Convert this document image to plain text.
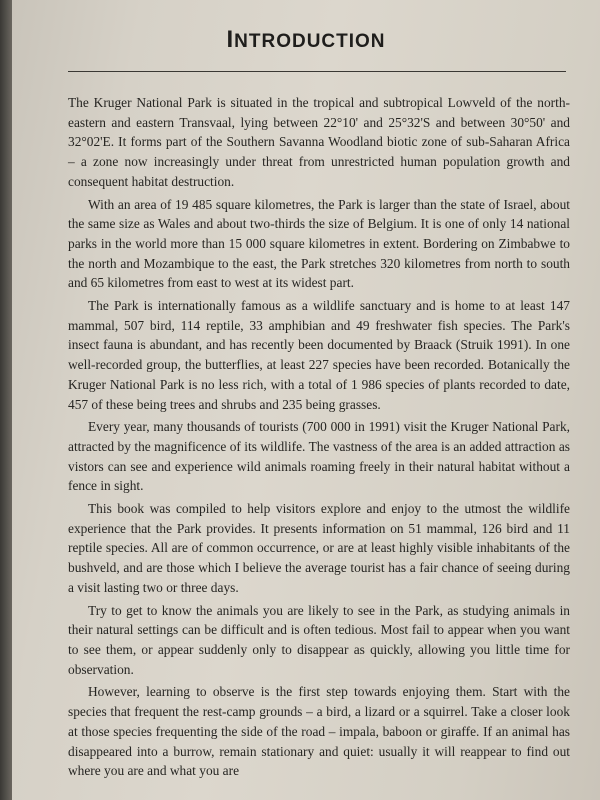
INTRODUCTION

The Kruger National Park is situated in the tropical and subtropical Lowveld of the north-eastern and eastern Transvaal, lying between 22°10' and 25°32'S and between 30°50' and 32°02'E. It forms part of the Southern Savanna Woodland biotic zone of sub-Saharan Africa – a zone now increasingly under threat from unrestricted human population growth and consequent habitat destruction.

With an area of 19 485 square kilometres, the Park is larger than the state of Israel, about the same size as Wales and about two-thirds the size of Belgium. It is one of only 14 national parks in the world more than 15 000 square kilometres in extent. Bordering on Zimbabwe to the north and Mozambique to the east, the Park stretches 320 kilometres from north to south and 65 kilometres from east to west at its widest part.

The Park is internationally famous as a wildlife sanctuary and is home to at least 147 mammal, 507 bird, 114 reptile, 33 amphibian and 49 freshwater fish species. The Park's insect fauna is abundant, and has recently been documented by Braack (Struik 1991). In one well-recorded group, the butterflies, at least 227 species have been recorded. Botanically the Kruger National Park is no less rich, with a total of 1 986 species of plants recorded to date, 457 of these being trees and shrubs and 235 being grasses.

Every year, many thousands of tourists (700 000 in 1991) visit the Kruger National Park, attracted by the magnificence of its wildlife. The vastness of the area is an added attraction as vistors can see and experience wild animals roaming freely in their natural habitat without a fence in sight.

This book was compiled to help visitors explore and enjoy to the utmost the wildlife experience that the Park provides. It presents information on 51 mammal, 126 bird and 11 reptile species. All are of common occurrence, or are at least highly visible inhabitants of the bushveld, and are those which I believe the average tourist has a fair chance of seeing during a visit lasting two or three days.

Try to get to know the animals you are likely to see in the Park, as studying animals in their natural settings can be difficult and is often tedious. Most fail to appear when you want to see them, or appear suddenly only to disappear as quickly, allowing you little time for observation.

However, learning to observe is the first step towards enjoying them. Start with the species that frequent the rest-camp grounds – a bird, a lizard or a squirrel. Take a closer look at those species frequenting the side of the road – impala, baboon or giraffe. If an animal has disappeared into a burrow, remain stationary and quiet: usually it will reappear to find out where you are and what you are
